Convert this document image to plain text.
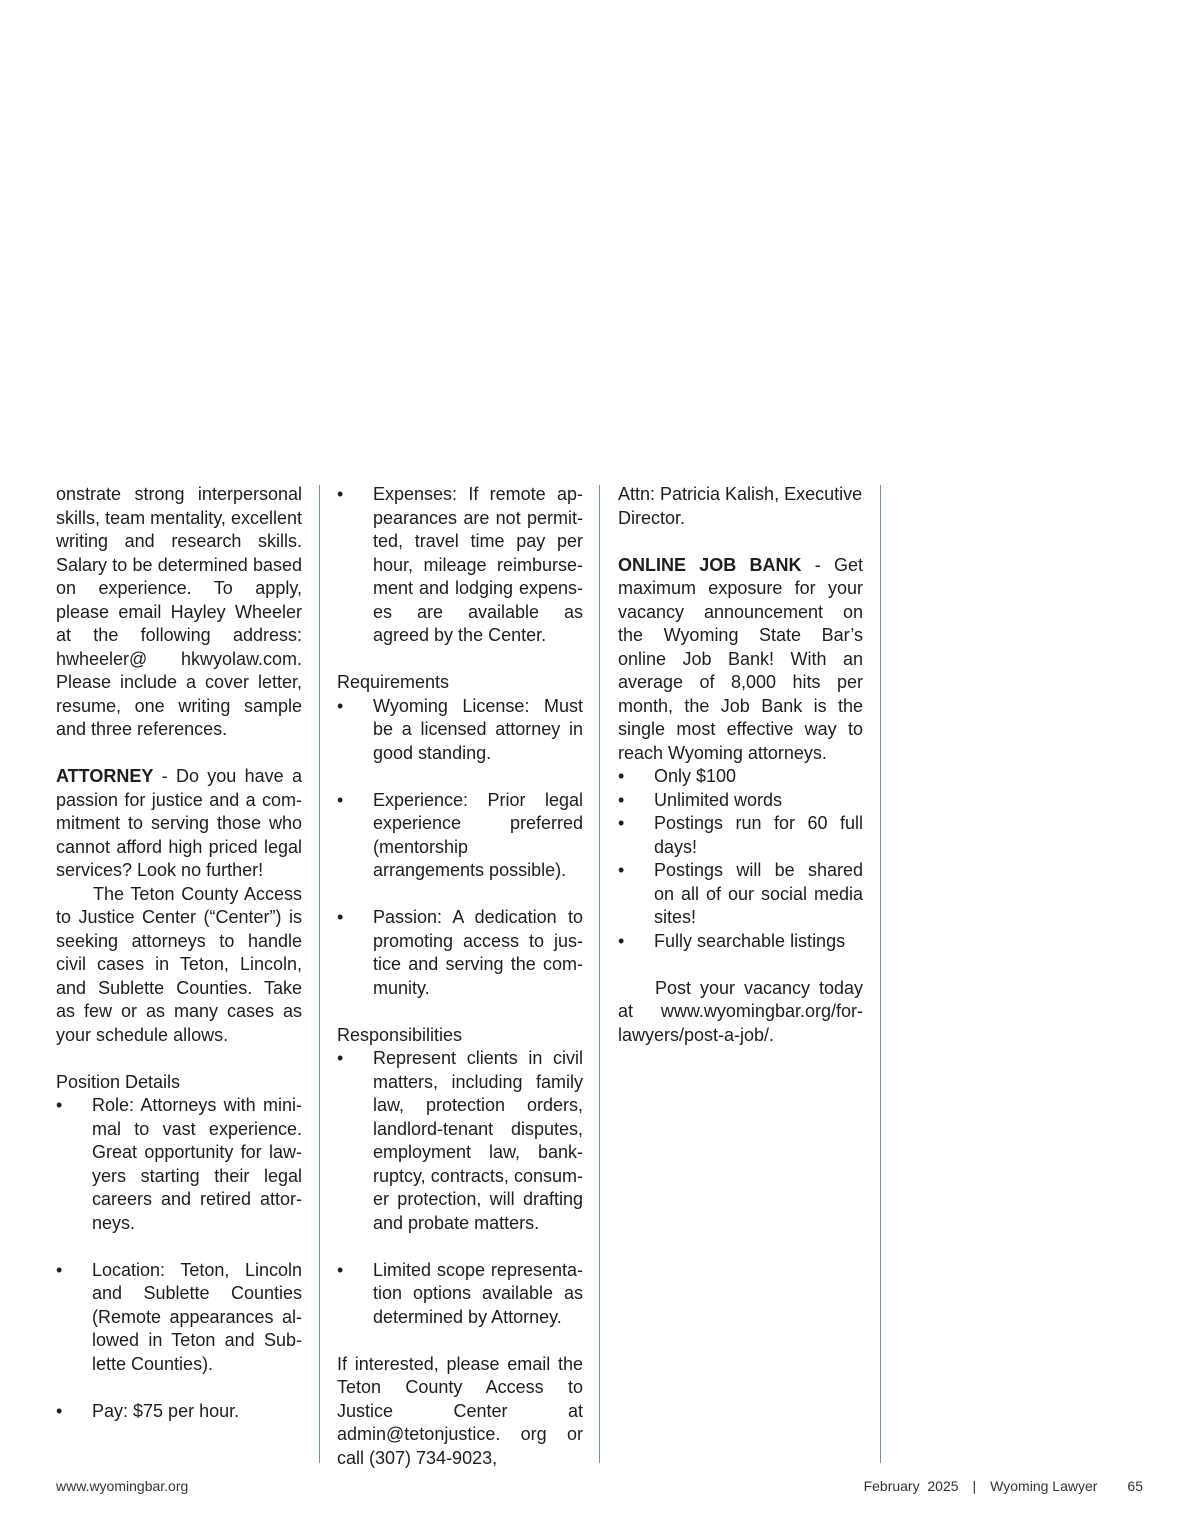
onstrate strong interpersonal skills, team mentality, excellent writing and research skills. Salary to be determined based on experience. To apply, please email Hayley Wheeler at the following address: hwheeler@ hkwyolaw.com. Please include a cover letter, resume, one writing sample and three references.

ATTORNEY - Do you have a passion for justice and a commitment to serving those who cannot afford high priced legal services? Look no further!

The Teton County Access to Justice Center (“Center”) is seeking attorneys to handle civil cases in Teton, Lincoln, and Sublette Counties. Take as few or as many cases as your schedule allows.

Position Details

• Role: Attorneys with minimal to vast experience. Great opportunity for lawyers starting their legal careers and retired attorneys.
• Location: Teton, Lincoln and Sublette Counties (Remote appearances allowed in Teton and Sublette Counties).
• Pay: $75 per hour.
• Expenses: If remote appearances are not permitted, travel time pay per hour, mileage reimbursement and lodging expenses are available as agreed by the Center.

Requirements

• Wyoming License: Must be a licensed attorney in good standing.
• Experience: Prior legal experience preferred (mentorship arrangements possible).
• Passion: A dedication to promoting access to justice and serving the community.

Responsibilities

• Represent clients in civil matters, including family law, protection orders, landlord-tenant disputes, employment law, bankruptcy, contracts, consumer protection, will drafting and probate matters.
• Limited scope representation options available as determined by Attorney.

If interested, please email the Teton County Access to Justice Center at admin@tetonjustice. org or call (307) 734-9023,

Attn: Patricia Kalish, Executive Director.

ONLINE JOB BANK - Get maximum exposure for your vacancy announcement on the Wyoming State Bar’s online Job Bank! With an average of 8,000 hits per month, the Job Bank is the single most effective way to reach Wyoming attorneys.

• Only $100
• Unlimited words
• Postings run for 60 full days!
• Postings will be shared on all of our social media sites!
• Fully searchable listings

Post your vacancy today at www.wyomingbar.org/forlawyers/post-a-job/.

www.wyomingbar.org	February  2025 | Wyoming Lawyer 65
